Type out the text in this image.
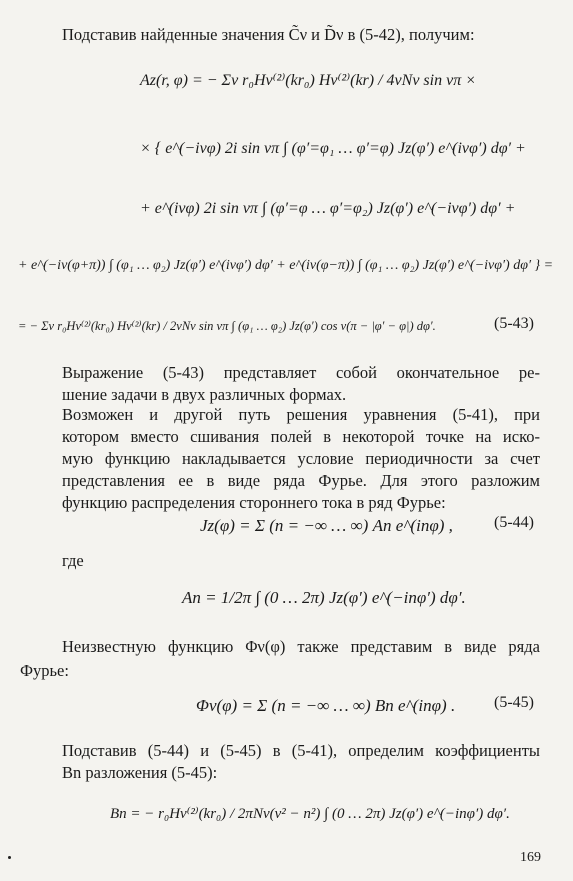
Подставив найденные значения C̃ν и D̃ν в (5-42), получим:
Az(r, φ) = − Σν r₀Hν⁽²⁾(kr₀) Hν⁽²⁾(kr) / 4νNν sin νπ ×
× { e^(−iνφ) 2i sin νπ ∫ (φ′=φ₁ … φ′=φ) Jz(φ′) e^(iνφ′) dφ′ +
+ e^(iνφ) 2i sin νπ ∫ (φ′=φ … φ′=φ₂) Jz(φ′) e^(−iνφ′) dφ′ +
+ e^(−iν(φ+π)) ∫ (φ₁ … φ₂) Jz(φ′) e^(iνφ′) dφ′ + e^(iν(φ−π)) ∫ (φ₁ … φ₂) Jz(φ′) e^(−iνφ′) dφ′ } =
= − Σν r₀Hν⁽²⁾(kr₀) Hν⁽²⁾(kr) / 2νNν sin νπ ∫ (φ₁ … φ₂) Jz(φ′) cos ν(π − |φ′ − φ|) dφ′.	(5-43)
Выражение (5-43) представляет собой окончательное ре-
шение задачи в двух различных формах.
Возможен и другой путь решения уравнения (5-41), при
котором вместо сшивания полей в некоторой точке на иско-
мую функцию накладывается условие периодичности за счет
представления ее в виде ряда Фурье. Для этого разложим
функцию распределения стороннего тока в ряд Фурье:
Jz(φ) = Σ (n = −∞ … ∞) An e^(inφ) ,	(5-44)
где
An = 1/2π ∫ (0 … 2π) Jz(φ′) e^(−inφ′) dφ′.
Неизвестную функцию Φν(φ) также представим в виде ряда
Фурье:
Φν(φ) = Σ (n = −∞ … ∞) Bn e^(inφ) . (5-45)
Подставив (5-44) и (5-45) в (5-41), определим коэффициенты
Bn разложения (5-45):
Bn = − r₀Hν⁽²⁾(kr₀) / 2πNν(ν² − n²) ∫ (0 … 2π) Jz(φ′) e^(−inφ′) dφ′.
169
